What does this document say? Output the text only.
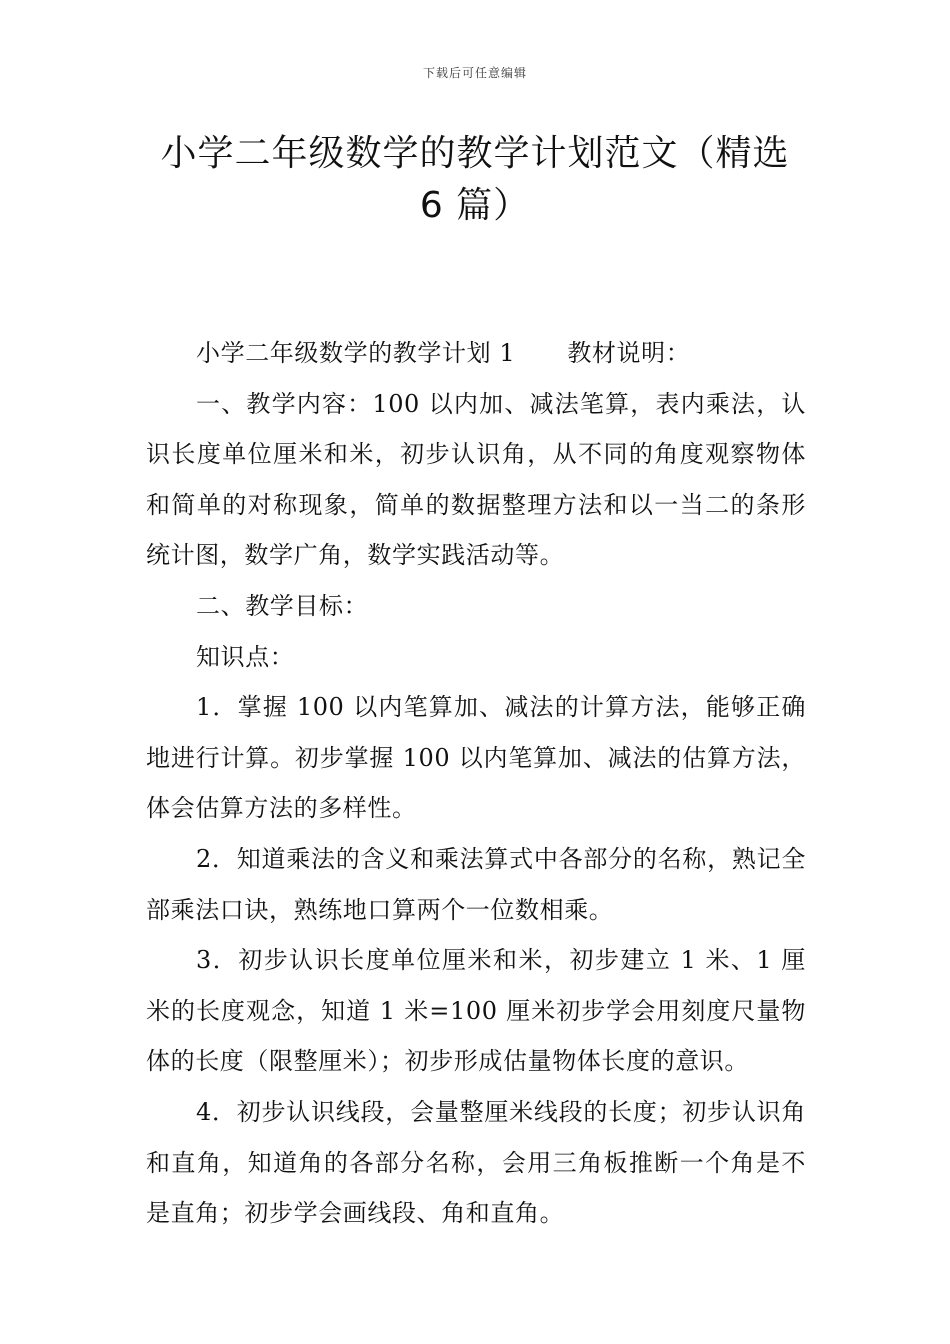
下载后可任意编辑
小学二年级数学的教学计划范文（精选 6 篇）

小学二年级数学的教学计划 1 教材说明：

一、教学内容：100 以内加、减法笔算，表内乘法，认识长度单位厘米和米，初步认识角，从不同的角度观察物体和简单的对称现象，简单的数据整理方法和以一当二的条形统计图，数学广角，数学实践活动等。

二、教学目标：

知识点：

1．掌握 100 以内笔算加、减法的计算方法，能够正确地进行计算。初步掌握 100 以内笔算加、减法的估算方法，体会估算方法的多样性。

2．知道乘法的含义和乘法算式中各部分的名称，熟记全部乘法口诀，熟练地口算两个一位数相乘。

3．初步认识长度单位厘米和米，初步建立 1 米、1 厘米的长度观念，知道 1 米=100 厘米初步学会用刻度尺量物体的长度（限整厘米）；初步形成估量物体长度的意识。

4．初步认识线段，会量整厘米线段的长度；初步认识角和直角，知道角的各部分名称，会用三角板推断一个角是不是直角；初步学会画线段、角和直角。
